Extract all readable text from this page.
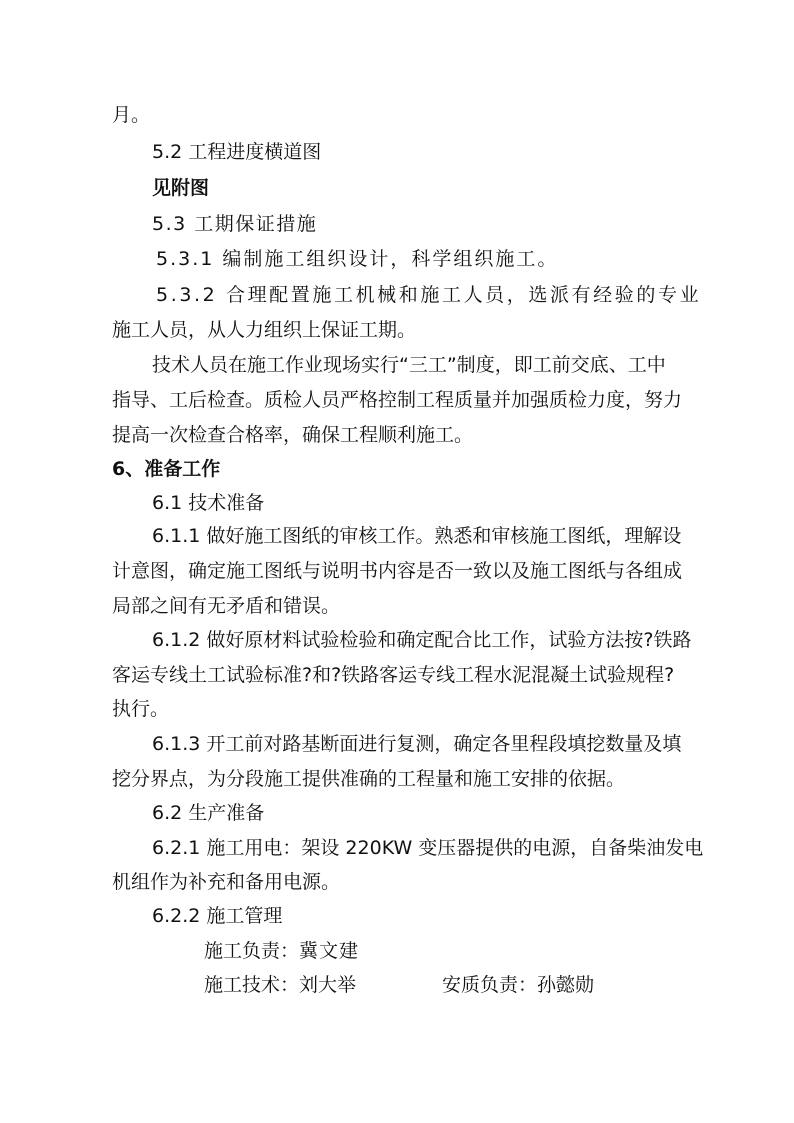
月。
5.2 工程进度横道图
见附图
5.3 工期保证措施
5.3.1 编制施工组织设计，科学组织施工。
5.3.2 合理配置施工机械和施工人员，选派有经验的专业
施工人员，从人力组织上保证工期。
技术人员在施工作业现场实行“三工”制度，即工前交底、工中
指导、工后检查。质检人员严格控制工程质量并加强质检力度，努力
提高一次检查合格率，确保工程顺利施工。
6、准备工作
6.1 技术准备
6.1.1 做好施工图纸的审核工作。熟悉和审核施工图纸，理解设
计意图，确定施工图纸与说明书内容是否一致以及施工图纸与各组成
局部之间有无矛盾和错误。
6.1.2 做好原材料试验检验和确定配合比工作，试验方法按?铁路
客运专线土工试验标准?和?铁路客运专线工程水泥混凝土试验规程?
执行。
6.1.3 开工前对路基断面进行复测，确定各里程段填挖数量及填
挖分界点，为分段施工提供准确的工程量和施工安排的依据。
6.2 生产准备
6.2.1 施工用电：架设 220KW 变压器提供的电源，自备柴油发电
机组作为补充和备用电源。
6.2.2 施工管理
施工负责：冀文建
施工技术：刘大举	安质负责：孙懿勋
